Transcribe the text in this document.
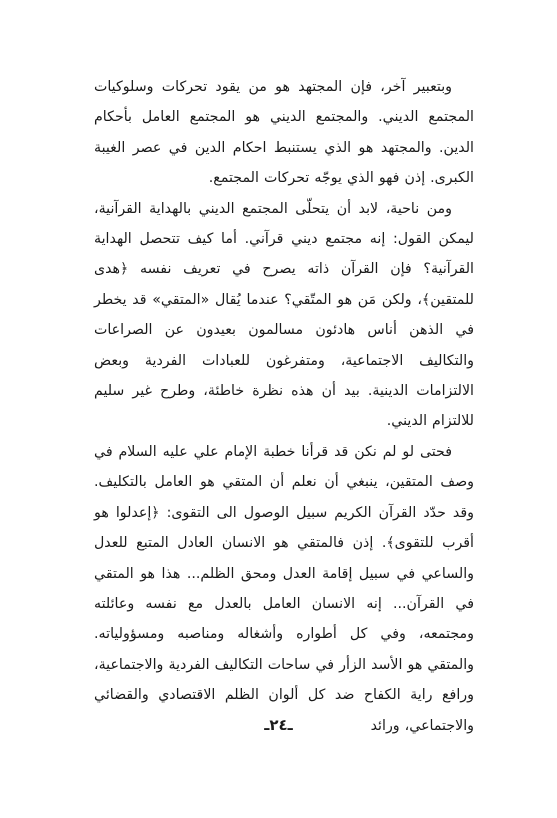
وبتعبير آخر، فإن المجتهد هو من يقود تحركات وسلوكيات المجتمع الديني. والمجتمع الديني هو المجتمع العامل بأحكام الدين. والمجتهد هو الذي يستنبط احكام الدين في عصر الغيبة الكبرى. إذن فهو الذي يوجّه تحركات المجتمع.

ومن ناحية، لابد أن يتحلّى المجتمع الديني بالهداية القرآنية، ليمكن القول: إنه مجتمع ديني قرآني. أما كيف تتحصل الهداية القرآنية؟ فإن القرآن ذاته يصرح في تعريف نفسه ﴿هدى للمتقين﴾، ولكن مَن هو المتّقي؟ عندما يُقال «المتقي» قد يخطر في الذهن أناس هادئون مسالمون بعيدون عن الصراعات والتكاليف الاجتماعية، ومتفرغون للعبادات الفردية وبعض الالتزامات الدينية. بيد أن هذه نظرة خاطئة، وطرح غير سليم للالتزام الديني.

فحتى لو لم نكن قد قرأنا خطبة الإمام علي عليه السلام في وصف المتقين، ينبغي أن نعلم أن المتقي هو العامل بالتكليف. وقد حدّد القرآن الكريم سبيل الوصول الى التقوى: ﴿إعدلوا هو أقرب للتقوى﴾. إذن فالمتقي هو الانسان العادل المتبع للعدل والساعي في سبيل إقامة العدل ومحق الظلم... هذا هو المتقي في القرآن... إنه الانسان العامل بالعدل مع نفسه وعائلته ومجتمعه، وفي كل أطواره وأشغاله ومناصبه ومسؤولياته. والمتقي هو الأسد الزأر في ساحات التكاليف الفردية والاجتماعية، ورافع راية الكفاح ضد كل ألوان الظلم الاقتصادي والقضائي والاجتماعي، ورائد

ـ٢٤ـ
